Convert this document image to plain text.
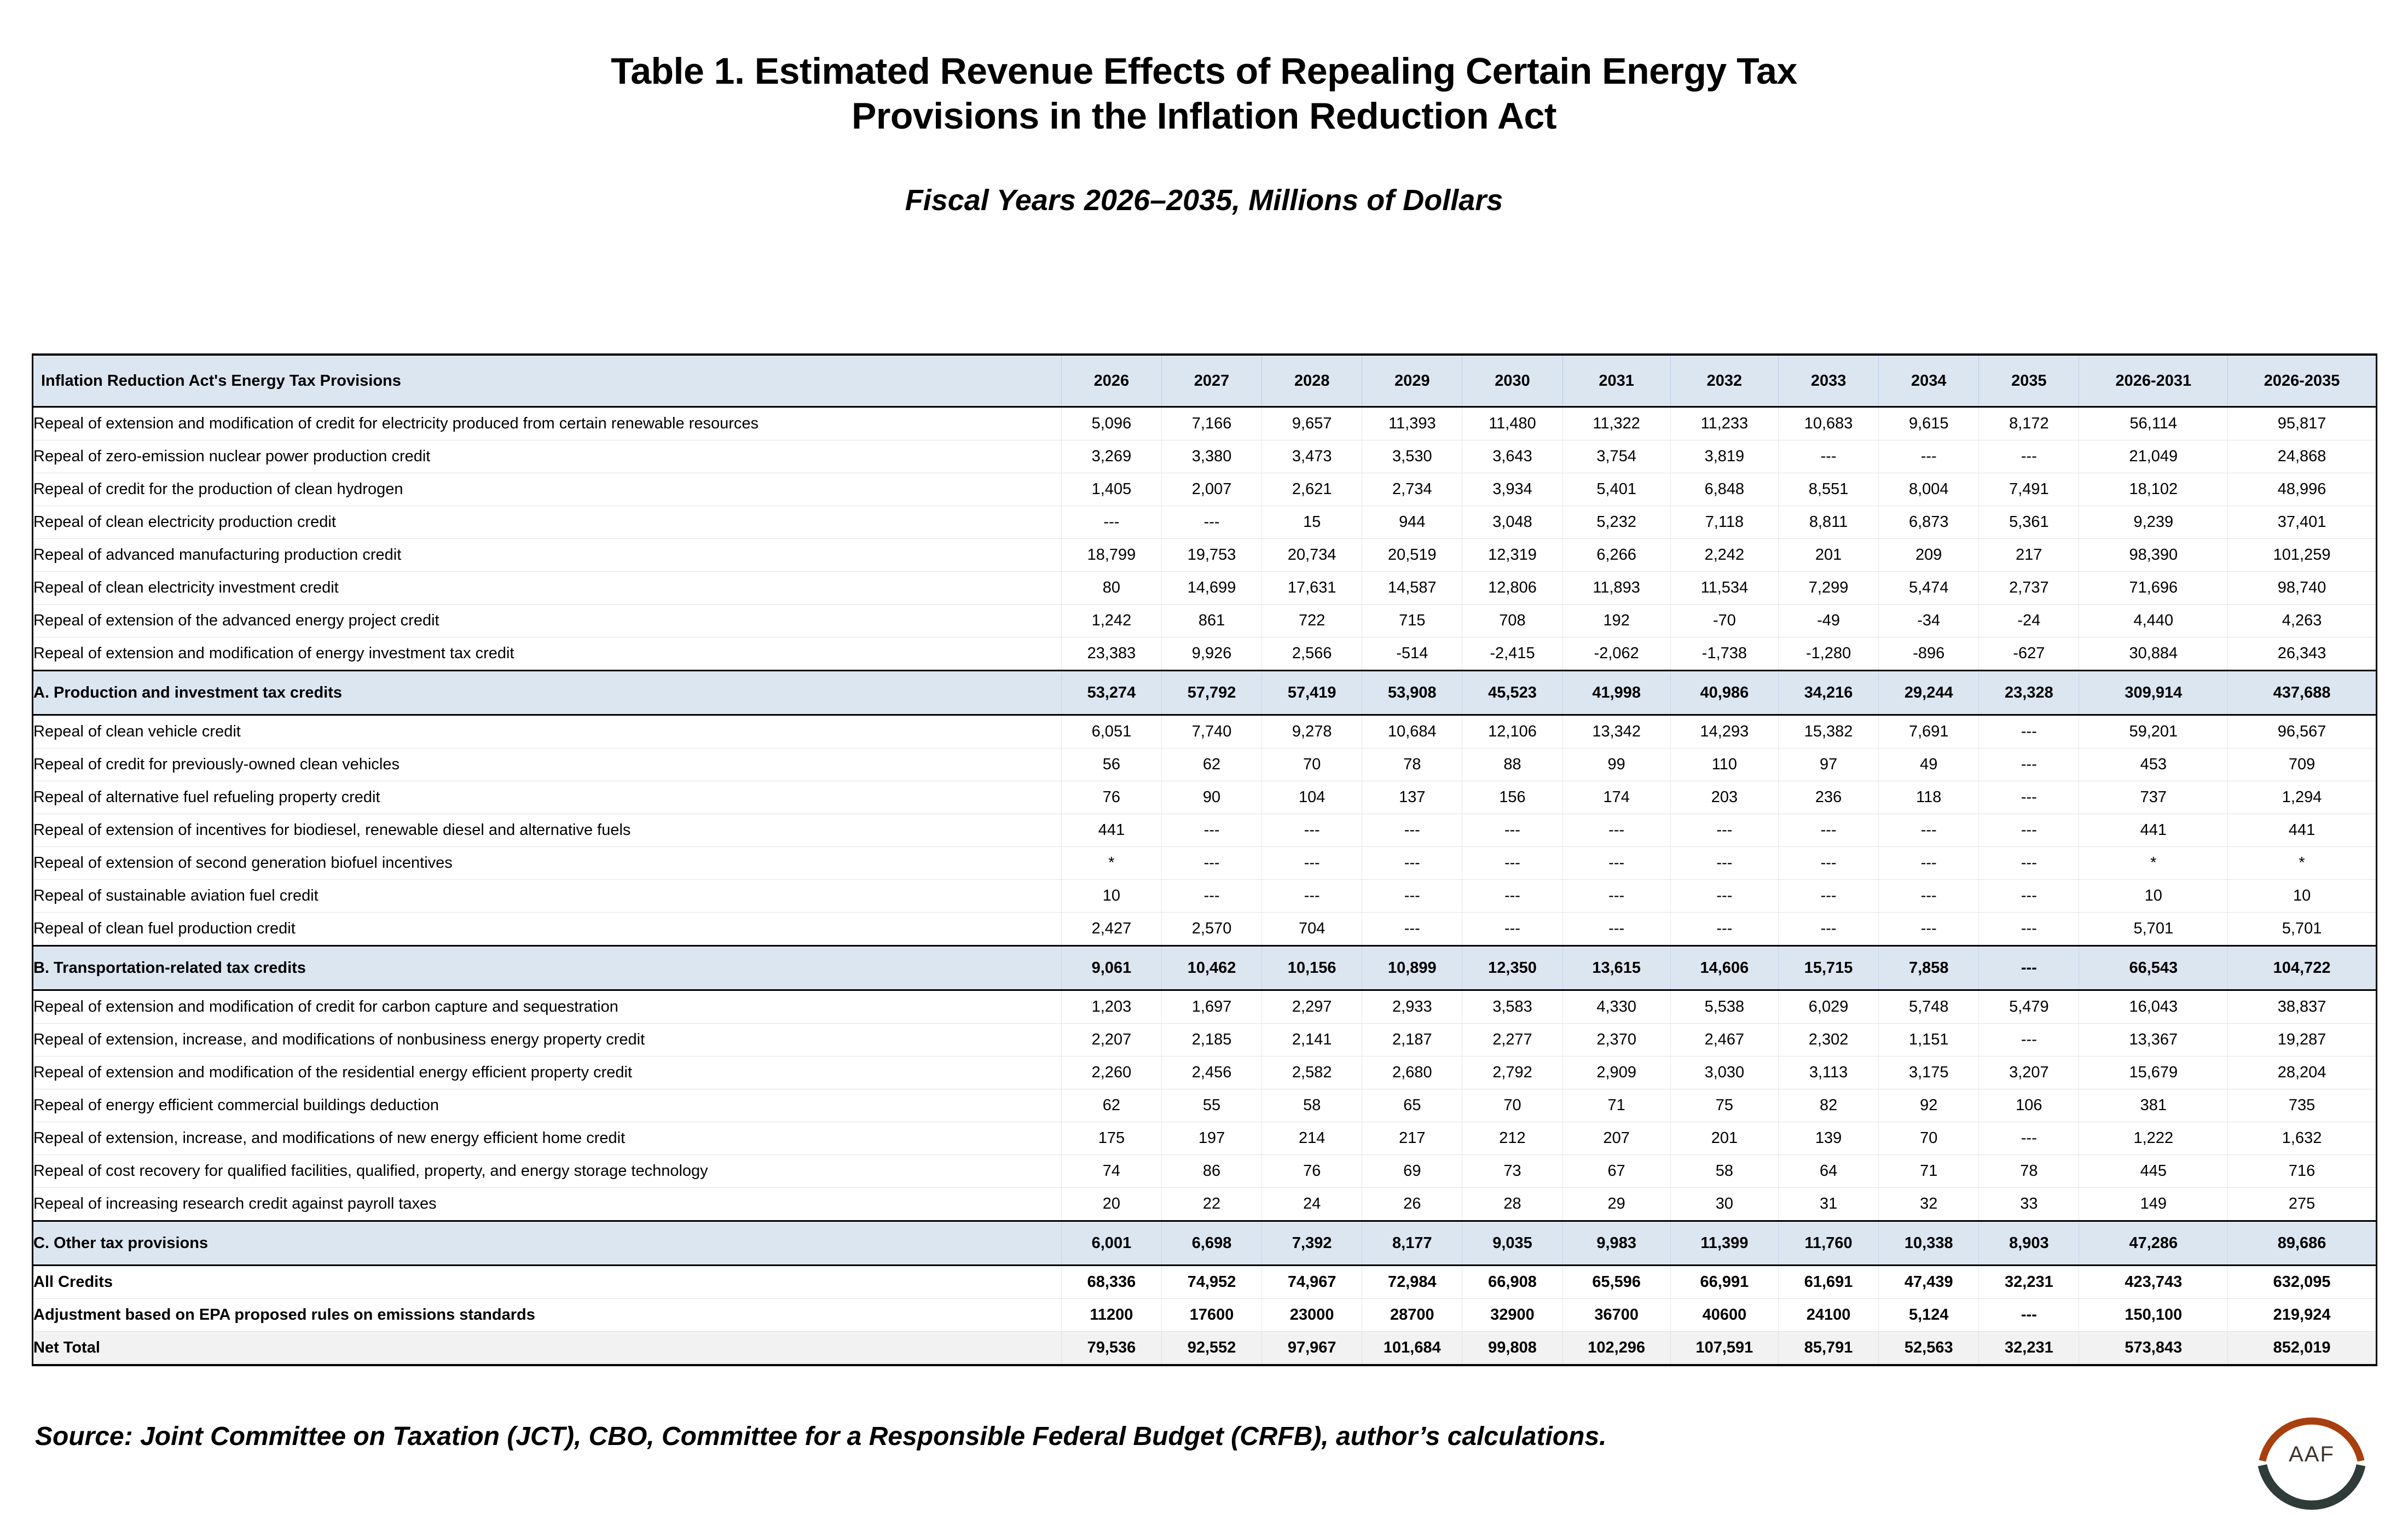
Table 1. Estimated Revenue Effects of Repealing Certain Energy Tax
Provisions in the Inflation Reduction Act
Fiscal Years 2026–2035, Millions of Dollars
Inflation Reduction Act's Energy Tax Provisions	2026	2027	2028	2029	2030	2031	2032	2033	2034	2035	2026-2031	2026-2035
Repeal of extension and modification of credit for electricity produced from certain renewable resources	5,096	7,166	9,657	11,393	11,480	11,322	11,233	10,683	9,615	8,172	56,114	95,817
Repeal of zero-emission nuclear power production credit	3,269	3,380	3,473	3,530	3,643	3,754	3,819	---	---	---	21,049	24,868
Repeal of credit for the production of clean hydrogen	1,405	2,007	2,621	2,734	3,934	5,401	6,848	8,551	8,004	7,491	18,102	48,996
Repeal of clean electricity production credit	---	---	15	944	3,048	5,232	7,118	8,811	6,873	5,361	9,239	37,401
Repeal of advanced manufacturing production credit	18,799	19,753	20,734	20,519	12,319	6,266	2,242	201	209	217	98,390	101,259
Repeal of clean electricity investment credit	80	14,699	17,631	14,587	12,806	11,893	11,534	7,299	5,474	2,737	71,696	98,740
Repeal of extension of the advanced energy project credit	1,242	861	722	715	708	192	-70	-49	-34	-24	4,440	4,263
Repeal of extension and modification of energy investment tax credit	23,383	9,926	2,566	-514	-2,415	-2,062	-1,738	-1,280	-896	-627	30,884	26,343
A. Production and investment tax credits	53,274	57,792	57,419	53,908	45,523	41,998	40,986	34,216	29,244	23,328	309,914	437,688
Repeal of clean vehicle credit	6,051	7,740	9,278	10,684	12,106	13,342	14,293	15,382	7,691	---	59,201	96,567
Repeal of credit for previously-owned clean vehicles	56	62	70	78	88	99	110	97	49	---	453	709
Repeal of alternative fuel refueling property credit	76	90	104	137	156	174	203	236	118	---	737	1,294
Repeal of extension of incentives for biodiesel, renewable diesel and alternative fuels	441	---	---	---	---	---	---	---	---	---	441	441
Repeal of extension of second generation biofuel incentives	*	---	---	---	---	---	---	---	---	---	*	*
Repeal of sustainable aviation fuel credit	10	---	---	---	---	---	---	---	---	---	10	10
Repeal of clean fuel production credit	2,427	2,570	704	---	---	---	---	---	---	---	5,701	5,701
B. Transportation-related tax credits	9,061	10,462	10,156	10,899	12,350	13,615	14,606	15,715	7,858	---	66,543	104,722
Repeal of extension and modification of credit for carbon capture and sequestration	1,203	1,697	2,297	2,933	3,583	4,330	5,538	6,029	5,748	5,479	16,043	38,837
Repeal of extension, increase, and modifications of nonbusiness energy property credit	2,207	2,185	2,141	2,187	2,277	2,370	2,467	2,302	1,151	---	13,367	19,287
Repeal of extension and modification of the residential energy efficient property credit	2,260	2,456	2,582	2,680	2,792	2,909	3,030	3,113	3,175	3,207	15,679	28,204
Repeal of energy efficient commercial buildings deduction	62	55	58	65	70	71	75	82	92	106	381	735
Repeal of extension, increase, and modifications of new energy efficient home credit	175	197	214	217	212	207	201	139	70	---	1,222	1,632
Repeal of cost recovery for qualified facilities, qualified, property, and energy storage technology	74	86	76	69	73	67	58	64	71	78	445	716
Repeal of increasing research credit against payroll taxes	20	22	24	26	28	29	30	31	32	33	149	275
C. Other tax provisions	6,001	6,698	7,392	8,177	9,035	9,983	11,399	11,760	10,338	8,903	47,286	89,686
All Credits	68,336	74,952	74,967	72,984	66,908	65,596	66,991	61,691	47,439	32,231	423,743	632,095
Adjustment based on EPA proposed rules on emissions standards	11200	17600	23000	28700	32900	36700	40600	24100	5,124	---	150,100	219,924
Net Total	79,536	92,552	97,967	101,684	99,808	102,296	107,591	85,791	52,563	32,231	573,843	852,019
Source: Joint Committee on Taxation (JCT), CBO, Committee for a Responsible Federal Budget (CRFB), author’s calculations.
AAF
